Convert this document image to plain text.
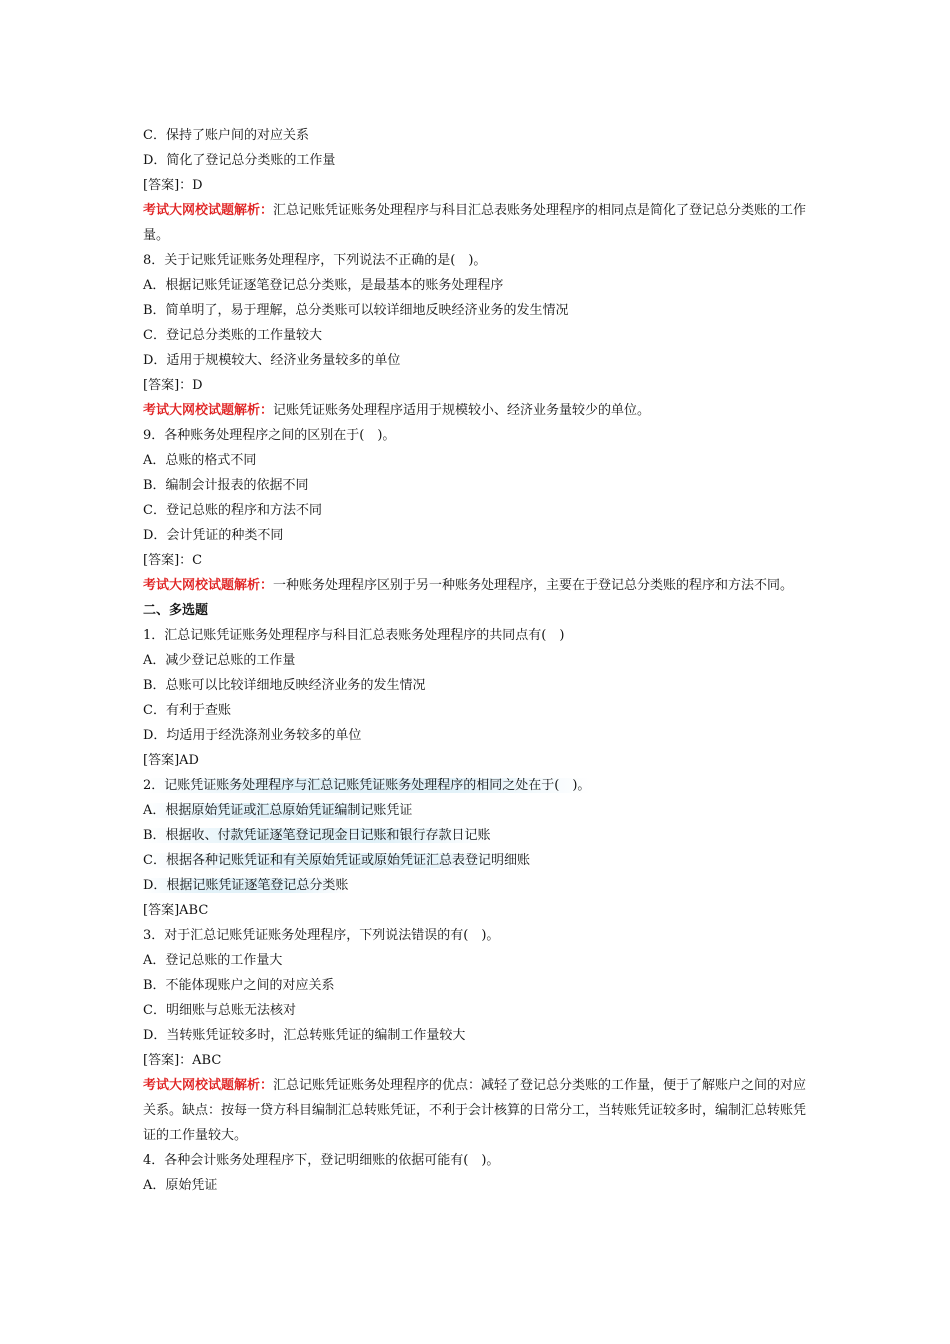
C．保持了账户间的对应关系
D．简化了登记总分类账的工作量
[答案]：D
考试大网校试题解析：汇总记账凭证账务处理程序与科目汇总表账务处理程序的相同点是简化了登记总分类账的工作量。
8．关于记账凭证账务处理程序，下列说法不正确的是(　)。
A．根据记账凭证逐笔登记总分类账，是最基本的账务处理程序
B．简单明了，易于理解，总分类账可以较详细地反映经济业务的发生情况
C．登记总分类账的工作量较大
D．适用于规模较大、经济业务量较多的单位
[答案]：D
考试大网校试题解析：记账凭证账务处理程序适用于规模较小、经济业务量较少的单位。
9．各种账务处理程序之间的区别在于(　)。
A．总账的格式不同
B．编制会计报表的依据不同
C．登记总账的程序和方法不同
D．会计凭证的种类不同
[答案]：C
考试大网校试题解析：一种账务处理程序区别于另一种账务处理程序，主要在于登记总分类账的程序和方法不同。
二、多选题
1．汇总记账凭证账务处理程序与科目汇总表账务处理程序的共同点有(　)
A．减少登记总账的工作量
B．总账可以比较详细地反映经济业务的发生情况
C．有利于查账
D．均适用于经洗涤剂业务较多的单位
[答案]AD
2．记账凭证账务处理程序与汇总记账凭证账务处理程序的相同之处在于(　)。
A．根据原始凭证或汇总原始凭证编制记账凭证
B．根据收、付款凭证逐笔登记现金日记账和银行存款日记账
C．根据各种记账凭证和有关原始凭证或原始凭证汇总表登记明细账
D．根据记账凭证逐笔登记总分类账
[答案]ABC
3．对于汇总记账凭证账务处理程序，下列说法错误的有(　)。
A．登记总账的工作量大
B．不能体现账户之间的对应关系
C．明细账与总账无法核对
D．当转账凭证较多时，汇总转账凭证的编制工作量较大
[答案]：ABC
考试大网校试题解析：汇总记账凭证账务处理程序的优点：减轻了登记总分类账的工作量，便于了解账户之间的对应关系。缺点：按每一贷方科目编制汇总转账凭证，不利于会计核算的日常分工，当转账凭证较多时，编制汇总转账凭证的工作量较大。
4．各种会计账务处理程序下，登记明细账的依据可能有(　)。
A．原始凭证
